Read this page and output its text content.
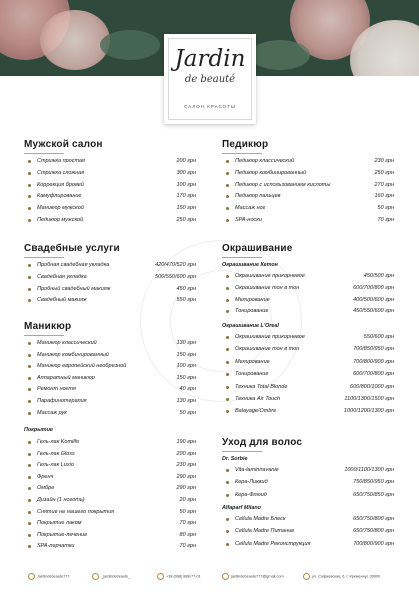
Jardin
de beauté
САЛОН КРАСОТЫ
Мужской салон
Стрижка простая	200 грн
Стрижка сложная	300 грн
Коррекция бровей	100 грн
Камуфлирование	170 грн
Маникюр мужской	150 грн
Педикюр мужской	250 грн
Свадебные услуги
Пробная свадебная укладка	420/470/520 грн
Свадебная укладка	500/550/600 грн
Пробный свадебный макияж	450 грн
Свадебный макияж	550 грн
Маникюр
Маникюр классический	130 грн
Маникюр комбинированный	150 грн
Маникюр европейский необрезной	100 грн
Аппаратный маникюр	150 грн
Ремонт ногтя	40 грн
Парафинотерапия	130 грн
Массаж рук	50 грн
Покрытие
Гель-лак Komilfo	190 грн
Гель-лак Gloss	200 грн
Гель-лак Luxio	230 грн
Френч	290 грн
Омбре	290 грн
Дизайн (1 ноготь)	20 грн
Снятие не нашего покрытия	50 грн
Покрытие лаком	70 грн
Покрытие-лечение	80 грн
SPA-перчатки	70 грн
Педикюр
Педикюр классический	230 грн
Педикюр комбинированный	250 грн
Педикюр с использованием кислоты	270 грн
Педикюр пальцев	160 грн
Массаж ног	50 грн
SPA-носки	70 грн
Окрашивание
Окрашивание Кетон
Окрашивание прикорневое	450/500 грн
Окрашивание тон в тон	600/700/800 грн
Мелирование	400/500/600 грн
Тонирование	450/550/600 грн
Окрашивание L'Oreal
Окрашивание прикорневое	550/600 грн
Окрашивание тон в тон	700/850/950 грн
Мелирование	700/800/900 грн
Тонирование	600/700/800 грн
Техника Total Blonde	600/800/1000 грн
Техника Air Touch	1100/1300/1500 грн
Balayage/Ombre	1000/1200/1300 грн
Уход для волос
Dr. Sorbie
Vita-laminiravanie	1000/1100/1300 грн
Кера-Ликвид	750/850/950 грн
Кера-Флюид	650/750/850 грн
Alfaparf Milano
Cellula Madre Блеск	650/750/800 грн
Cellula Madre Питание	650/750/800 грн
Cellula Madre Реконструкция	700/800/900 грн
Jardindebeaute777	_jardindebeaute_	+38 (098) 888-77-01	jardindebeaute777@gmail.com	ул. Софиевская, 6, г. Кременчуг, 39600
